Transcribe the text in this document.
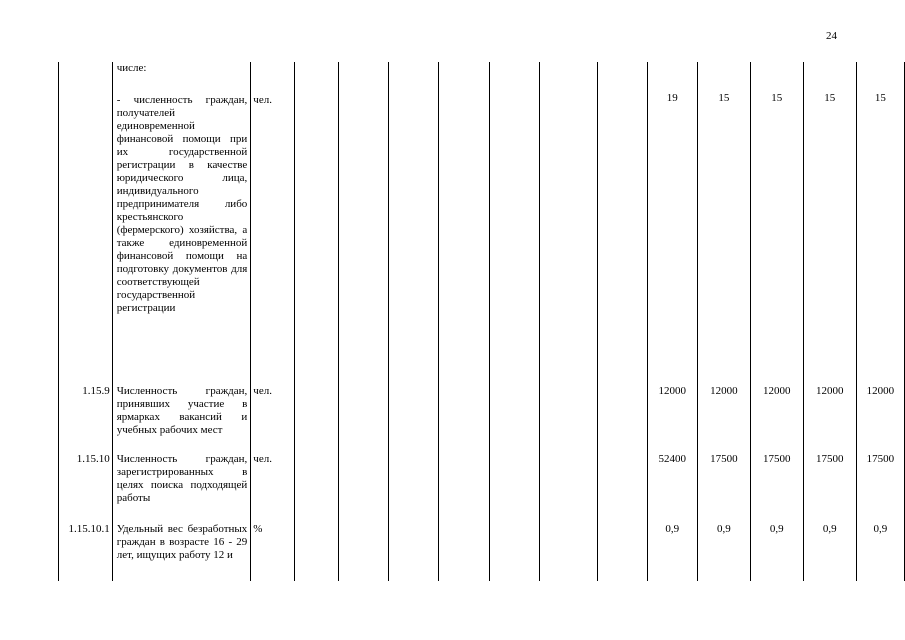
24
	числе:													
	- численность граждан, получателей единовременной финансовой помощи при их государственной регистрации в качестве юридического лица, индивидуального предпринимателя либо крестьянского (фермерского) хозяйства, а также единовременной финансовой помощи на подготовку документов для соответствующей государственной регистрации	чел.								19	15	15	15	15
1.15.9	Численность граждан, принявших участие в ярмарках вакансий и учебных рабочих мест	чел.								12000	12000	12000	12000	12000
1.15.10	Численность граждан, зарегистрированных в целях поиска подходящей работы	чел.								52400	17500	17500	17500	17500
1.15.10.1	Удельный вес безработных граждан в возрасте 16 - 29 лет, ищущих работу 12 и	%								0,9	0,9	0,9	0,9	0,9
